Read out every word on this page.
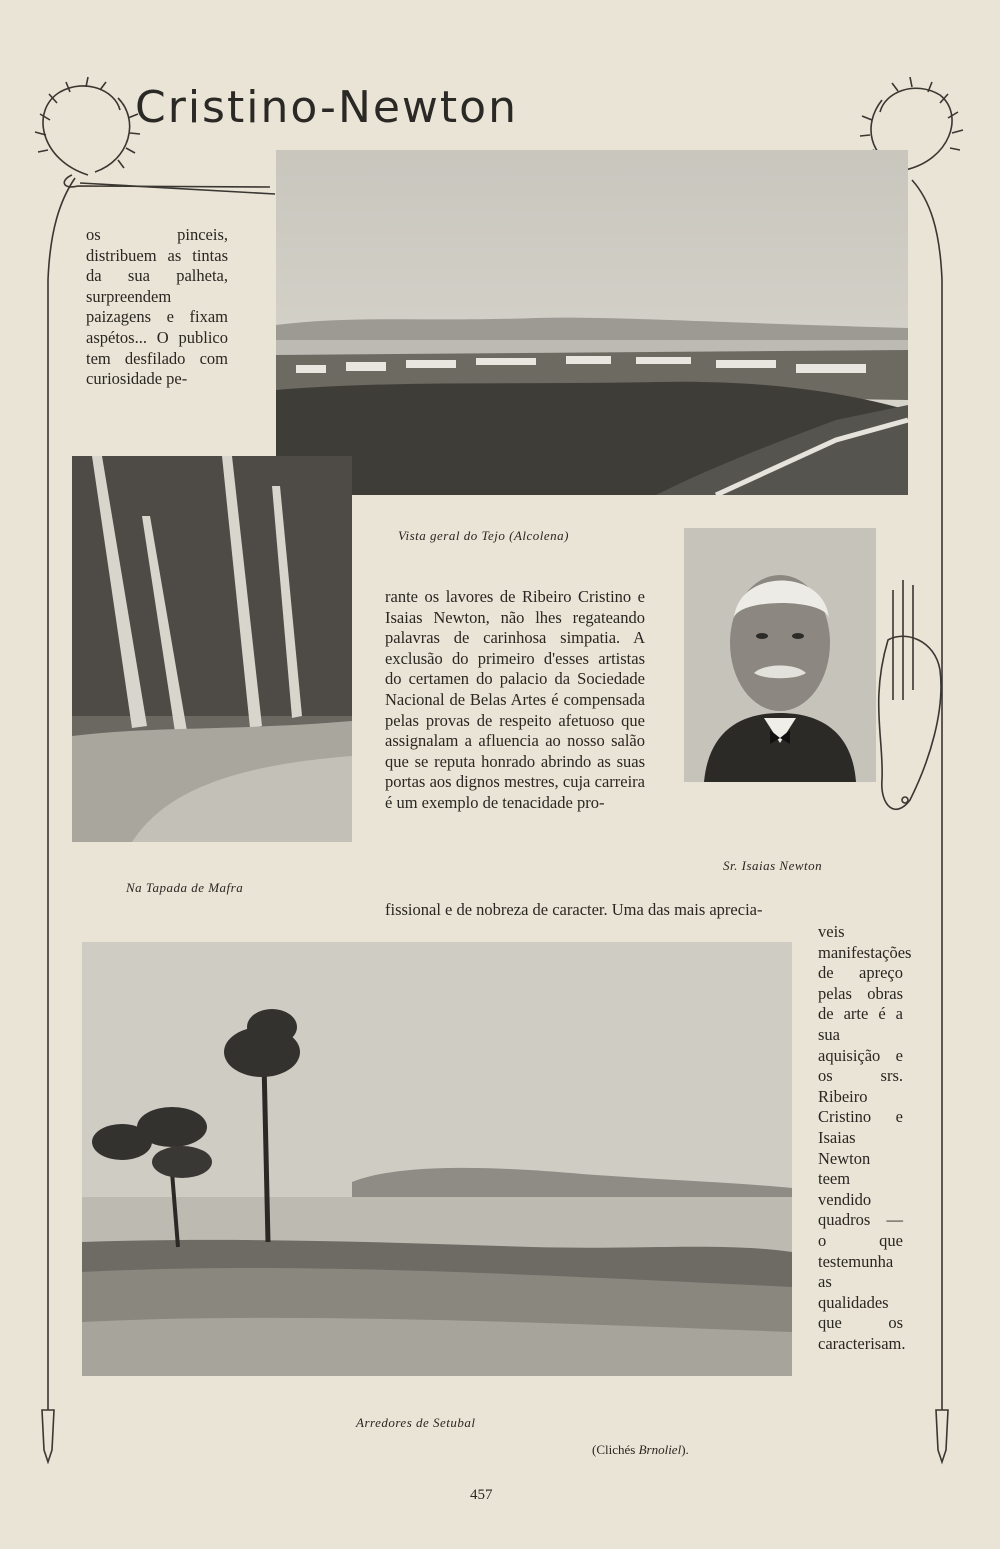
Cristino-Newton

os pinceis, distribuem as tintas da sua palheta, surpreendem paizagens e fixam aspétos... O publico tem desfilado com curiosidade pe-

Vista geral do Tejo (Alcolena)

rante os lavores de Ribeiro Cristino e Isaias Newton, não lhes regateando palavras de carinhosa simpatia. A exclusão do primeiro d'esses artistas do certamen do palacio da Sociedade Nacional de Belas Artes é compensada pelas provas de respeito afetuoso que assignalam a afluencia ao nosso salão que se reputa honrado abrindo as suas portas aos dignos mestres, cuja carreira é um exemplo de tenacidade pro-

Sr. Isaias Newton
Na Tapada de Mafra

fissional e de nobreza de caracter. Uma das mais aprecia-

veis manifestações de apreço pelas obras de arte é a sua aquisição e os srs. Ribeiro Cristino e Isaias Newton teem vendido quadros — o que testemunha as qualidades que os caracterisam.

Arredores de Setubal
(Clichés Brnoliel).
457
